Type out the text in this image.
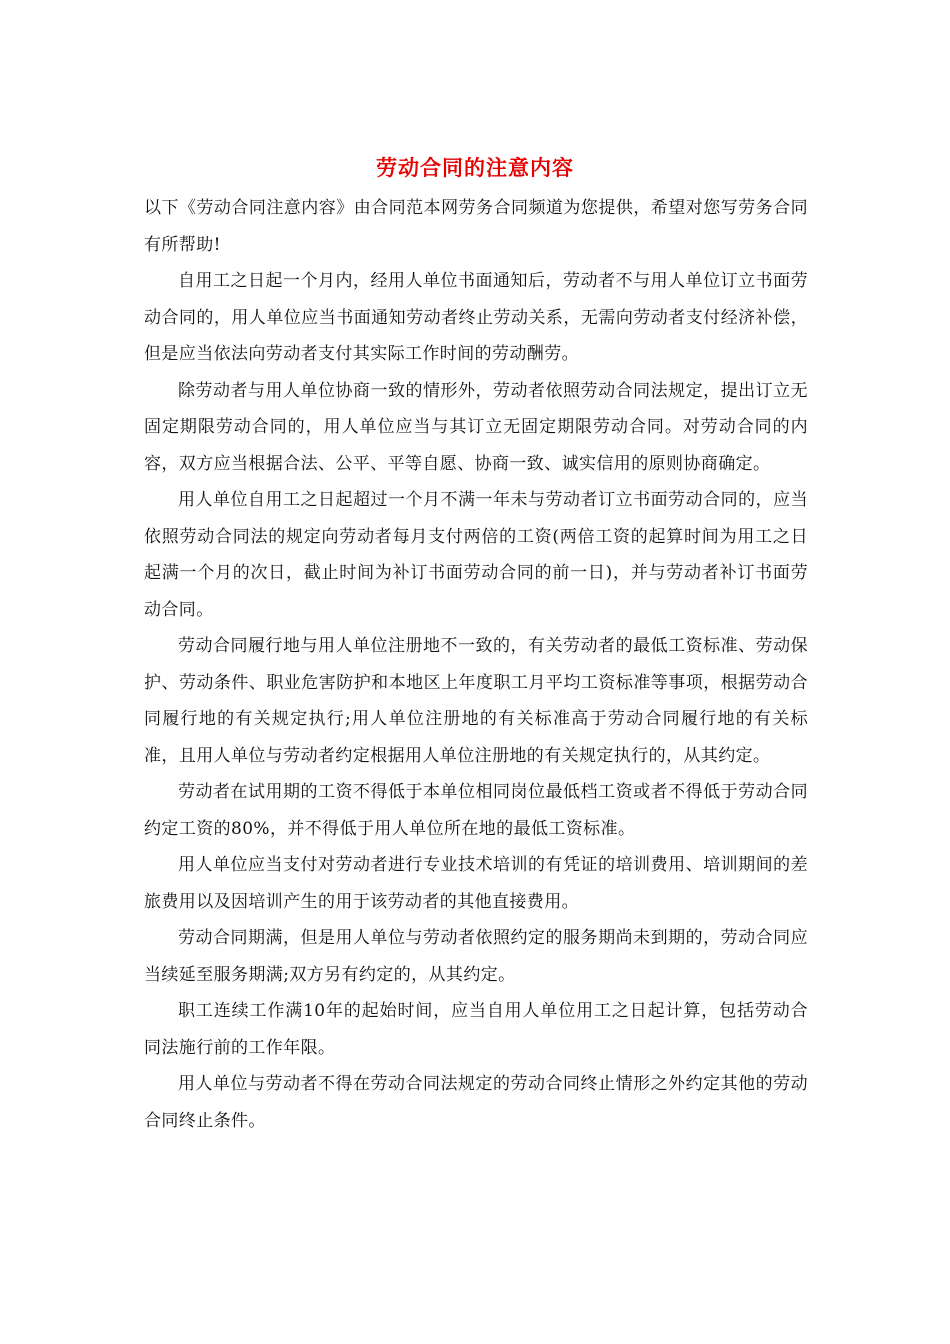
劳动合同的注意内容

以下《劳动合同注意内容》由合同范本网劳务合同频道为您提供，希望对您写劳务合同有所帮助!

自用工之日起一个月内，经用人单位书面通知后，劳动者不与用人单位订立书面劳动合同的，用人单位应当书面通知劳动者终止劳动关系，无需向劳动者支付经济补偿，但是应当依法向劳动者支付其实际工作时间的劳动酬劳。

除劳动者与用人单位协商一致的情形外，劳动者依照劳动合同法规定，提出订立无固定期限劳动合同的，用人单位应当与其订立无固定期限劳动合同。对劳动合同的内容，双方应当根据合法、公平、平等自愿、协商一致、诚实信用的原则协商确定。

用人单位自用工之日起超过一个月不满一年未与劳动者订立书面劳动合同的，应当依照劳动合同法的规定向劳动者每月支付两倍的工资(两倍工资的起算时间为用工之日起满一个月的次日，截止时间为补订书面劳动合同的前一日)，并与劳动者补订书面劳动合同。

劳动合同履行地与用人单位注册地不一致的，有关劳动者的最低工资标准、劳动保护、劳动条件、职业危害防护和本地区上年度职工月平均工资标准等事项，根据劳动合同履行地的有关规定执行;用人单位注册地的有关标准高于劳动合同履行地的有关标准，且用人单位与劳动者约定根据用人单位注册地的有关规定执行的，从其约定。

劳动者在试用期的工资不得低于本单位相同岗位最低档工资或者不得低于劳动合同约定工资的80%，并不得低于用人单位所在地的最低工资标准。

用人单位应当支付对劳动者进行专业技术培训的有凭证的培训费用、培训期间的差旅费用以及因培训产生的用于该劳动者的其他直接费用。

劳动合同期满，但是用人单位与劳动者依照约定的服务期尚未到期的，劳动合同应当续延至服务期满;双方另有约定的，从其约定。

职工连续工作满10年的起始时间，应当自用人单位用工之日起计算，包括劳动合同法施行前的工作年限。

用人单位与劳动者不得在劳动合同法规定的劳动合同终止情形之外约定其他的劳动合同终止条件。
